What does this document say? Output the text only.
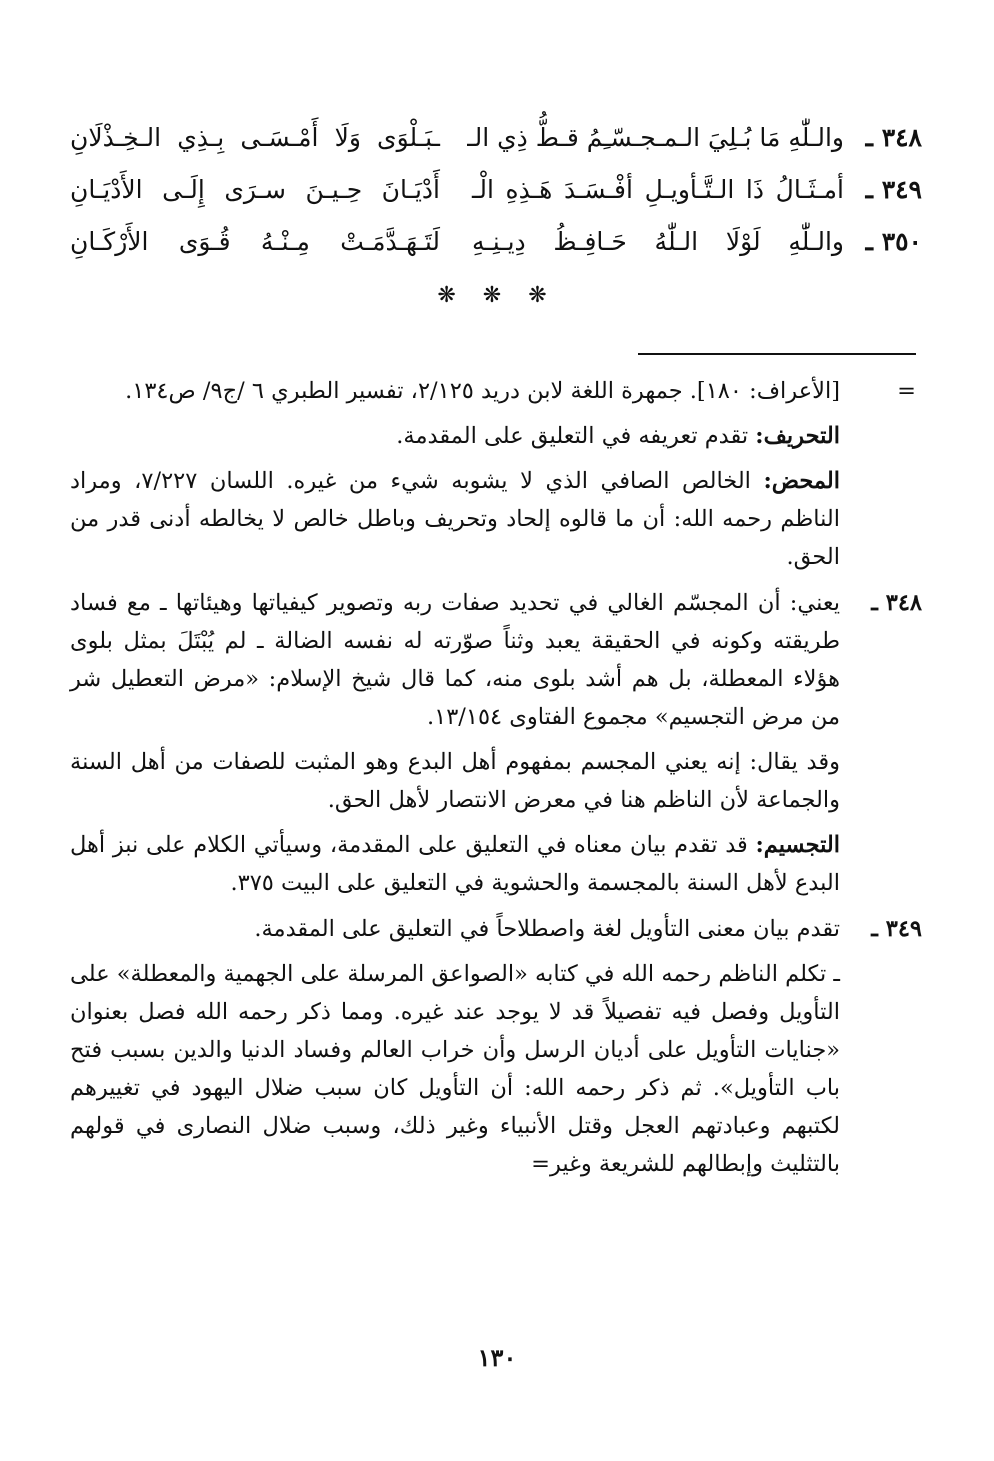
٣٤٨ ـ
والـلّٰهِ مَا بُـلِيَ الـمـجـسّـِمُ قـطُّ ذِي الـ
ـبَـلْوَى وَلَا أَمْـسَـى بِـذِي الـخِـذْلَانِ
٣٤٩ ـ
أمـثَـالُ ذَا الـتَّـأويـلِ أفْـسَـدَ هَـذِهِ الْـ
أَدْيَـانَ حِـيـنَ سـرَى إِلَـى الأَدْيَـانِ
٣٥٠ ـ
والـلّٰهِ لَوْلَا الـلّٰهُ حَـافِـظُ دِيـنِـهِ
لَتَـهَـدَّمَـتْ مِـنْـهُ قُـوَى الأَرْكَـانِ
❋ ❋ ❋
=

[الأعراف: ١٨٠]. جمهرة اللغة لابن دريد ٢/١٢٥، تفسير الطبري ٦ /ج٩/ ص١٣٤.

التحريف: تقدم تعريفه في التعليق على المقدمة.

المحض: الخالص الصافي الذي لا يشوبه شيء من غيره. اللسان ٧/٢٢٧، ومراد الناظم رحمه الله: أن ما قالوه إلحاد وتحريف وباطل خالص لا يخالطه أدنى قدر من الحق.

٣٤٨ ـ

يعني: أن المجسّم الغالي في تحديد صفات ربه وتصوير كيفياتها وهيئاتها ـ مع فساد طريقته وكونه في الحقيقة يعبد وثناً صوّرته له نفسه الضالة ـ لم يُبْتَلَ بمثل بلوى هؤلاء المعطلة، بل هم أشد بلوى منه، كما قال شيخ الإسلام: «مرض التعطيل شر من مرض التجسيم» مجموع الفتاوى ١٣/١٥٤.

وقد يقال: إنه يعني المجسم بمفهوم أهل البدع وهو المثبت للصفات من أهل السنة والجماعة لأن الناظم هنا في معرض الانتصار لأهل الحق.

التجسيم: قد تقدم بيان معناه في التعليق على المقدمة، وسيأتي الكلام على نبز أهل البدع لأهل السنة بالمجسمة والحشوية في التعليق على البيت ٣٧٥.

٣٤٩ ـ

تقدم بيان معنى التأويل لغة واصطلاحاً في التعليق على المقدمة.

ـ تكلم الناظم رحمه الله في كتابه «الصواعق المرسلة على الجهمية والمعطلة» على التأويل وفصل فيه تفصيلاً قد لا يوجد عند غيره. ومما ذكر رحمه الله فصل بعنوان «جنايات التأويل على أديان الرسل وأن خراب العالم وفساد الدنيا والدين بسبب فتح باب التأويل». ثم ذكر رحمه الله: أن التأويل كان سبب ضلال اليهود في تغييرهم لكتبهم وعبادتهم العجل وقتل الأنبياء وغير ذلك، وسبب ضلال النصارى في قولهم بالتثليث وإبطالهم للشريعة وغير=

١٣٠
